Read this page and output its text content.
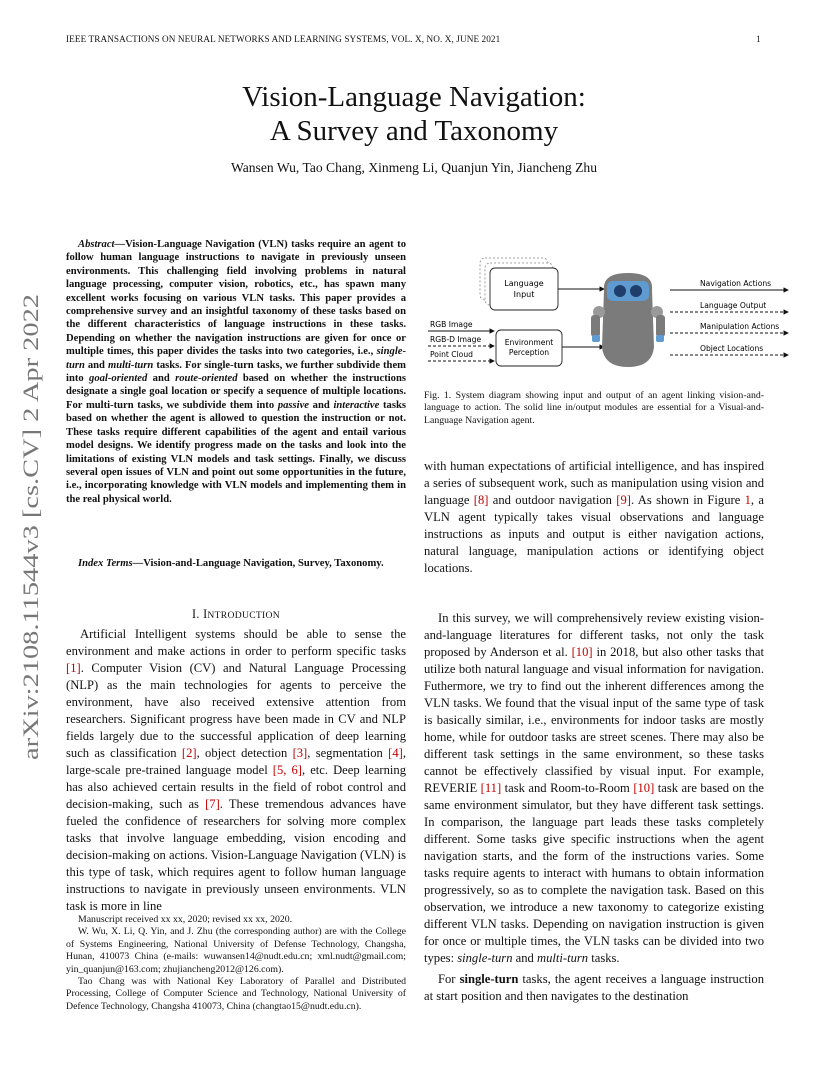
IEEE TRANSACTIONS ON NEURAL NETWORKS AND LEARNING SYSTEMS, VOL. X, NO. X, JUNE 2021	1
Vision-Language Navigation:
A Survey and Taxonomy
Wansen Wu, Tao Chang, Xinmeng Li, Quanjun Yin, Jiancheng Zhu
arXiv:2108.11544v3 [cs.CV] 2 Apr 2022

Abstract—Vision-Language Navigation (VLN) tasks require an agent to follow human language instructions to navigate in previously unseen environments. This challenging field involving problems in natural language processing, computer vision, robotics, etc., has spawn many excellent works focusing on various VLN tasks. This paper provides a comprehensive survey and an insightful taxonomy of these tasks based on the different characteristics of language instructions in these tasks. Depending on whether the navigation instructions are given for once or multiple times, this paper divides the tasks into two categories, i.e., single-turn and multi-turn tasks. For single-turn tasks, we further subdivide them into goal-oriented and route-oriented based on whether the instructions designate a single goal location or specify a sequence of multiple locations. For multi-turn tasks, we subdivide them into passive and interactive tasks based on whether the agent is allowed to question the instruction or not. These tasks require different capabilities of the agent and entail various model designs. We identify progress made on the tasks and look into the limitations of existing VLN models and task settings. Finally, we discuss several open issues of VLN and point out some opportunities in the future, i.e., incorporating knowledge with VLN models and implementing them in the real physical world.

Index Terms—Vision-and-Language Navigation, Survey, Taxonomy.

I. INTRODUCTION

Artificial Intelligent systems should be able to sense the environment and make actions in order to perform specific tasks [1]. Computer Vision (CV) and Natural Language Processing (NLP) as the main technologies for agents to perceive the environment, have also received extensive attention from researchers. Significant progress have been made in CV and NLP fields largely due to the successful application of deep learning such as classification [2], object detection [3], segmentation [4], large-scale pre-trained language model [5, 6], etc. Deep learning has also achieved certain results in the field of robot control and decision-making, such as [7]. These tremendous advances have fueled the confidence of researchers for solving more complex tasks that involve language embedding, vision encoding and decision-making on actions. Vision-Language Navigation (VLN) is this type of task, which requires agent to follow human language instructions to navigate in previously unseen environments. VLN task is more in line

Manuscript received xx xx, 2020; revised xx xx, 2020.

W. Wu, X. Li, Q. Yin, and J. Zhu (the corresponding author) are with the College of Systems Engineering, National University of Defense Technology, Changsha, Hunan, 410073 China (e-mails: wuwansen14@nudt.edu.cn; xml.nudt@gmail.com; yin_quanjun@163.com; zhujiancheng2012@126.com).

Tao Chang was with National Key Laboratory of Parallel and Distributed Processing, College of Computer Science and Technology, National University of Defence Technology, Changsha 410073, China (changtao15@nudt.edu.cn).

Language
Input
Environment
Perception
RGB Image
RGB-D Image
Point Cloud
Navigation Actions
Language Output
Manipulation Actions
Object Locations

Fig. 1. System diagram showing input and output of an agent linking vision-and-language to action. The solid line in/output modules are essential for a Visual-and-Language Navigation agent.

with human expectations of artificial intelligence, and has inspired a series of subsequent work, such as manipulation using vision and language [8] and outdoor navigation [9]. As shown in Figure 1, a VLN agent typically takes visual observations and language instructions as inputs and output is either navigation actions, natural language, manipulation actions or identifying object locations.

In this survey, we will comprehensively review existing vision-and-language literatures for different tasks, not only the task proposed by Anderson et al. [10] in 2018, but also other tasks that utilize both natural language and visual information for navigation. Futhermore, we try to find out the inherent differences among the VLN tasks. We found that the visual input of the same type of task is basically similar, i.e., environments for indoor tasks are mostly home, while for outdoor tasks are street scenes. There may also be different task settings in the same environment, so these tasks cannot be effectively classified by visual input. For example, REVERIE [11] task and Room-to-Room [10] task are based on the same environment simulator, but they have different task settings. In comparison, the language part leads these tasks completely different. Some tasks give specific instructions when the agent navigation starts, and the form of the instructions varies. Some tasks require agents to interact with humans to obtain information progressively, so as to complete the navigation task. Based on this observation, we introduce a new taxonomy to categorize existing different VLN tasks. Depending on navigation instruction is given for once or multiple times, the VLN tasks can be divided into two types: single-turn and multi-turn tasks.

For single-turn tasks, the agent receives a language instruction at start position and then navigates to the destination
